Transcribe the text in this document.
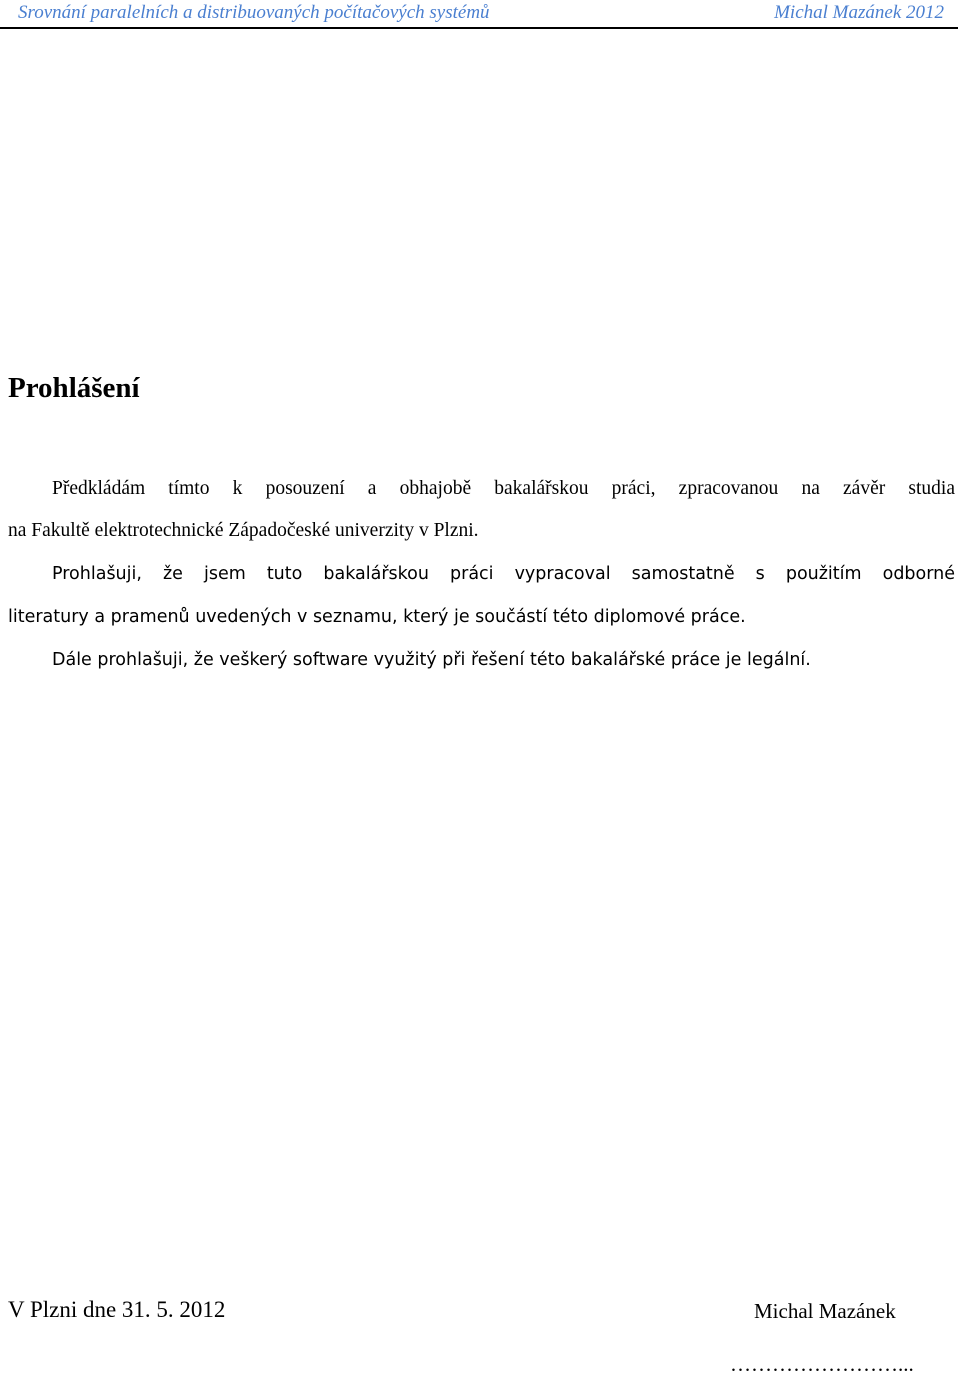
Srovnání paralelních a distribuovaných počítačových systémů	Michal Mazánek 2012
Prohlášení
Předkládám tímto k posouzení a obhajobě bakalářskou práci, zpracovanou na závěr studia
na Fakultě elektrotechnické Západočeské univerzity v Plzni.
Prohlašuji, že jsem tuto bakalářskou práci vypracoval samostatně s použitím odborné
literatury a pramenů uvedených v seznamu, který je součástí této diplomové práce.
Dále prohlašuji, že veškerý software využitý při řešení této bakalářské práce je legální.
V Plzni dne 31. 5. 2012	Michal Mazánek
……………………...
